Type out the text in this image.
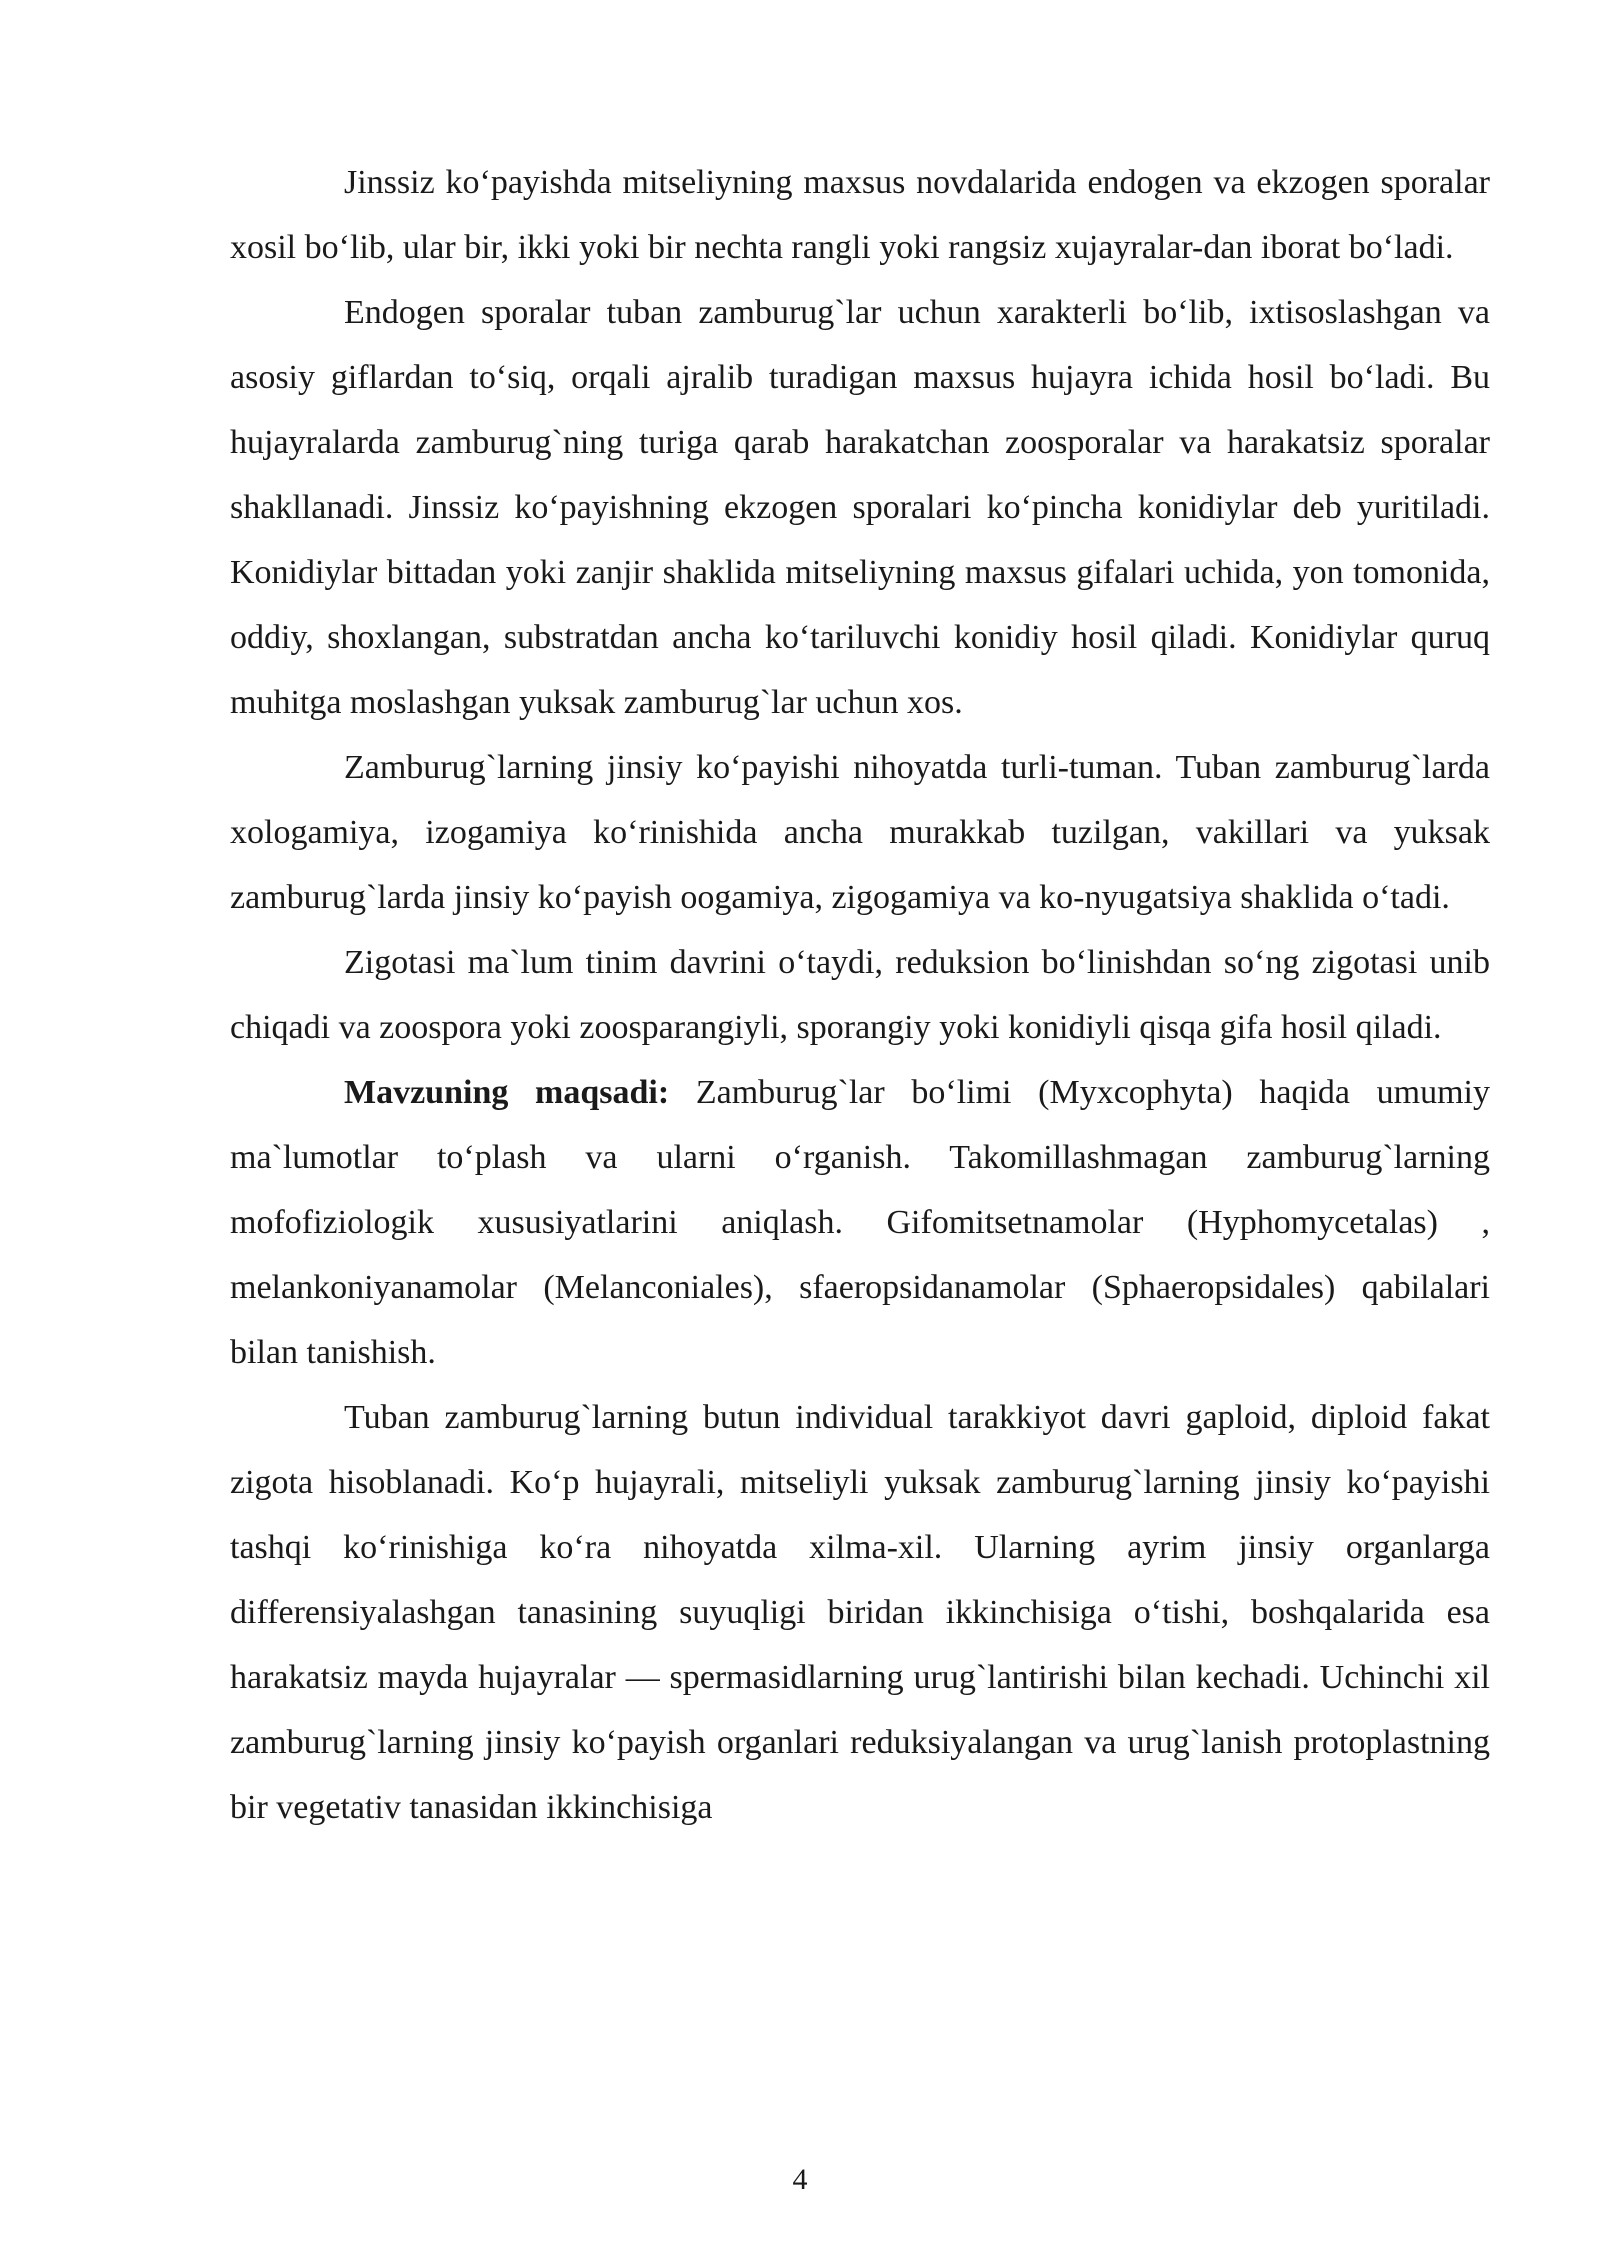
Jinssiz ko‘payishda mitseliyning maxsus novdalarida endogen va ekzogen sporalar xosil bo‘lib, ular bir, ikki yoki bir nechta rangli yoki rangsiz xujayralar-dan iborat bo‘ladi.

Endogen sporalar tuban zamburug`lar uchun xarakterli bo‘lib, ixtisoslashgan va asosiy giflardan to‘siq, orqali ajralib turadigan maxsus hujayra ichida hosil bo‘ladi. Bu hujayralarda zamburug`ning turiga qarab harakatchan zoosporalar va harakatsiz sporalar shakllanadi. Jinssiz ko‘payishning ekzogen sporalari ko‘pincha konidiylar deb yuritiladi. Konidiylar bittadan yoki zanjir shaklida mitseliyning maxsus gifalari uchida, yon tomonida, oddiy, shoxlangan, substratdan ancha ko‘tariluvchi konidiy hosil qiladi. Konidiylar quruq muhitga moslashgan yuksak zamburug`lar uchun xos.

Zamburug`larning jinsiy ko‘payishi nihoyatda turli-tuman. Tuban zamburug`larda xologamiya, izogamiya ko‘rinishida ancha murakkab tuzilgan, vakillari va yuksak zamburug`larda jinsiy ko‘payish oogamiya, zigogamiya va ko-nyugatsiya shaklida o‘tadi.

Zigotasi ma`lum tinim davrini o‘taydi, reduksion bo‘linishdan so‘ng zigotasi unib chiqadi va zoospora yoki zoosparangiyli, sporangiy yoki konidiyli qisqa gifa hosil qiladi.

Mavzuning maqsadi: Zamburug`lar bo‘limi (Myxcophyta) haqida umumiy ma`lumotlar to‘plash va ularni o‘rganish. Takomillashmagan zamburug`larning mofofiziologik xususiyatlarini aniqlash. Gifomitsetnamolar (Hyphomycetalas) , melankoniyanamolar (Melanconiales), sfaeropsidanamolar (Sphaeropsidales) qabilalari bilan tanishish.

Tuban zamburug`larning butun individual tarakkiyot davri gaploid, diploid fakat zigota hisoblanadi. Ko‘p hujayrali, mitseliyli yuksak zamburug`larning jinsiy ko‘payishi tashqi ko‘rinishiga ko‘ra nihoyatda xilma-xil. Ularning ayrim jinsiy organlarga differensiyalashgan tanasining suyuqligi biridan ikkinchisiga o‘tishi, boshqalarida esa harakatsiz mayda hujayralar — spermasidlarning urug`lantirishi bilan kechadi. Uchinchi xil zamburug`larning jinsiy ko‘payish organlari reduksiyalangan va urug`lanish protoplastning bir vegetativ tanasidan ikkinchisiga

4
